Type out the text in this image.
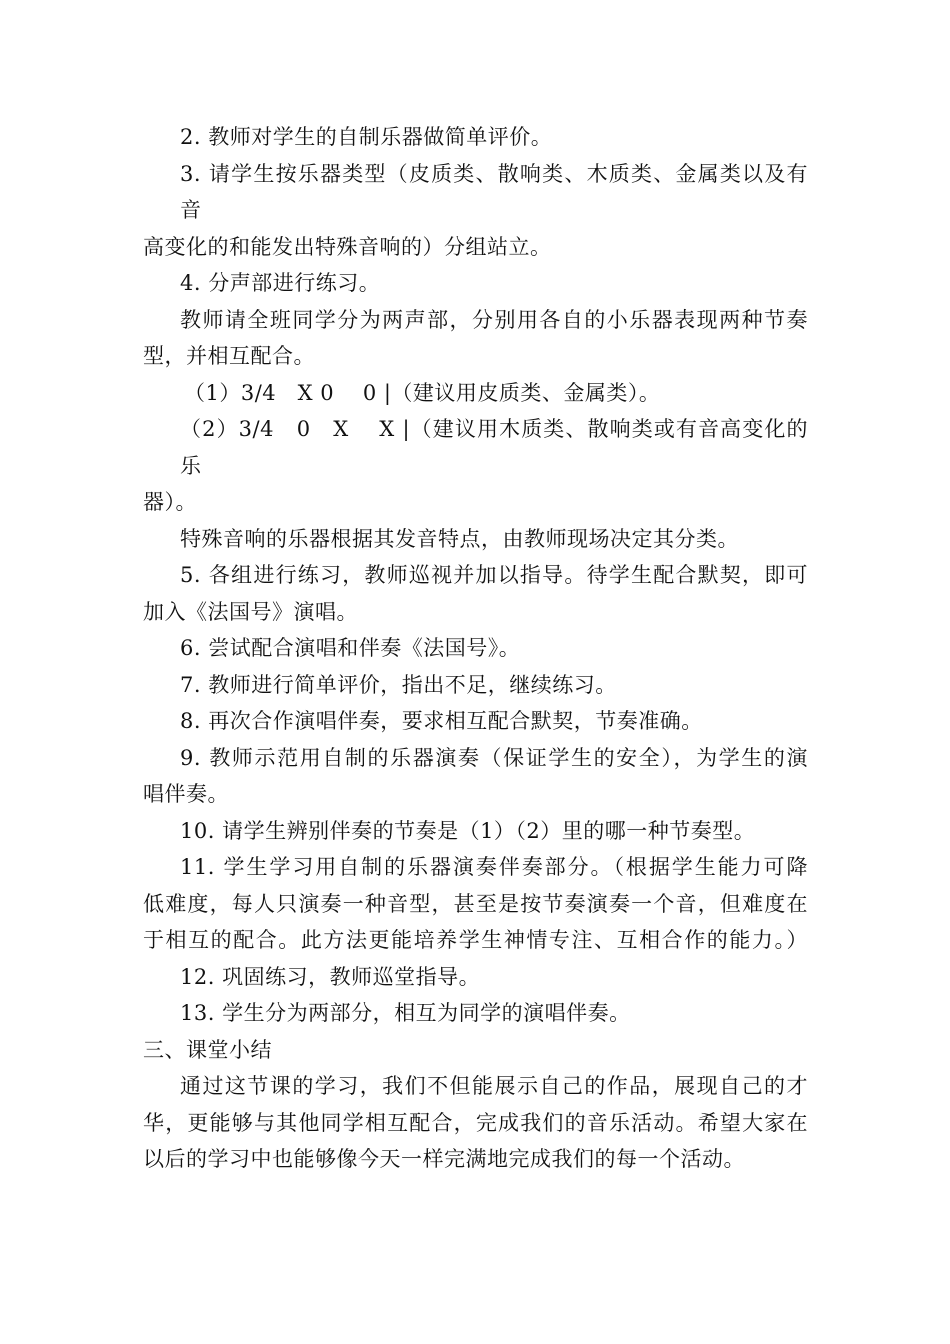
2. 教师对学生的自制乐器做简单评价。
3. 请学生按乐器类型（皮质类、散响类、木质类、金属类以及有音
高变化的和能发出特殊音响的）分组站立。
4. 分声部进行练习。
教师请全班同学分为两声部，分别用各自的小乐器表现两种节奏
型，并相互配合。
（1）3/4　X 0　 0 |（建议用皮质类、金属类）。
（2）3/4　0　X　 X |（建议用木质类、散响类或有音高变化的乐
器）。
特殊音响的乐器根据其发音特点，由教师现场决定其分类。
5. 各组进行练习，教师巡视并加以指导。待学生配合默契，即可
加入《法国号》演唱。
6. 尝试配合演唱和伴奏《法国号》。
7. 教师进行简单评价，指出不足，继续练习。
8. 再次合作演唱伴奏，要求相互配合默契，节奏准确。
9. 教师示范用自制的乐器演奏（保证学生的安全），为学生的演
唱伴奏。
10. 请学生辨别伴奏的节奏是（1）（2）里的哪一种节奏型。
11. 学生学习用自制的乐器演奏伴奏部分。（根据学生能力可降
低难度，每人只演奏一种音型，甚至是按节奏演奏一个音，但难度在
于相互的配合。此方法更能培养学生神情专注、互相合作的能力。）
12. 巩固练习，教师巡堂指导。
13. 学生分为两部分，相互为同学的演唱伴奏。
三、课堂小结
通过这节课的学习，我们不但能展示自己的作品，展现自己的才
华，更能够与其他同学相互配合，完成我们的音乐活动。希望大家在
以后的学习中也能够像今天一样完满地完成我们的每一个活动。
